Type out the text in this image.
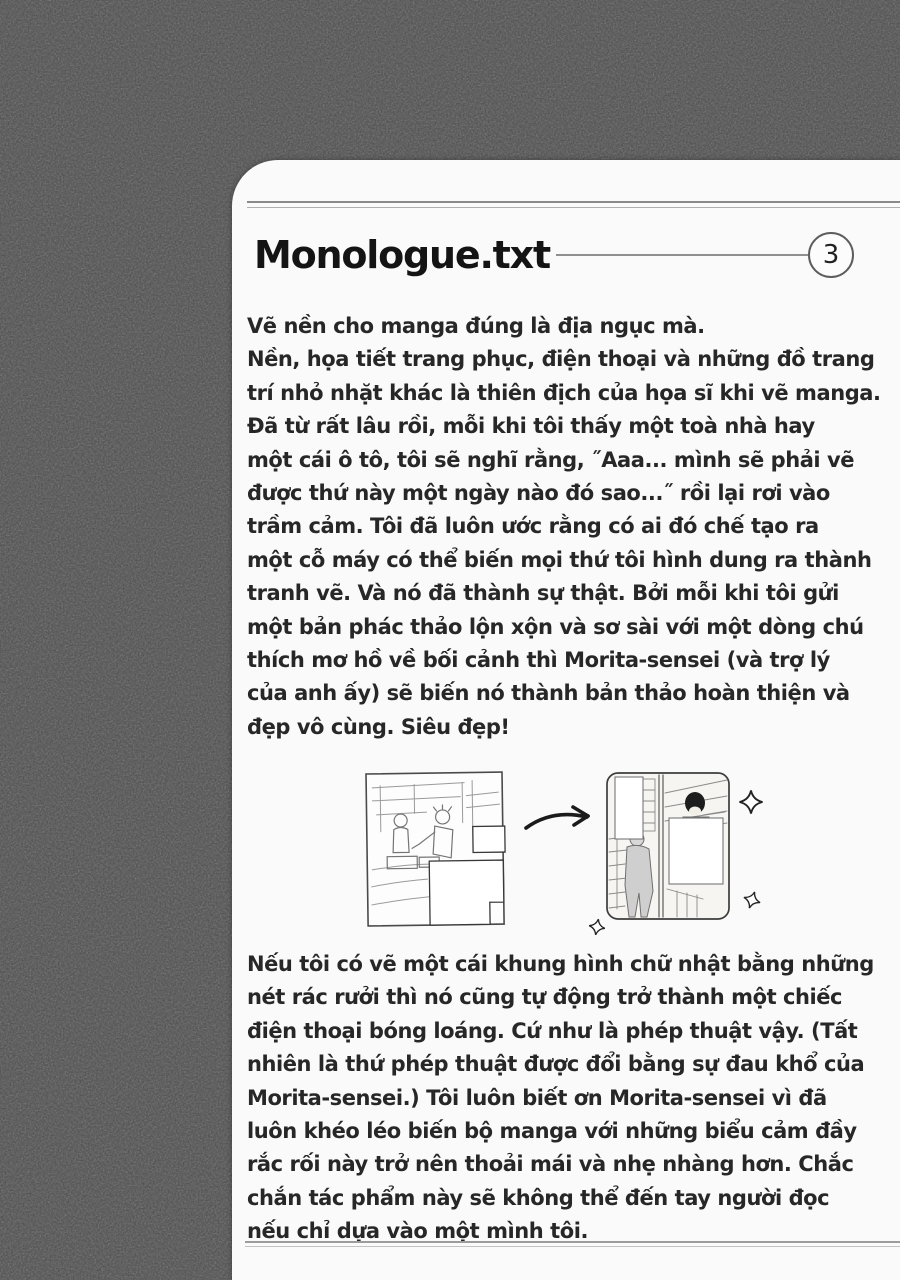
Monologue.txt	3
Vẽ nền cho manga đúng là địa ngục mà.
Nền, họa tiết trang phục, điện thoại và những đồ trang
trí nhỏ nhặt khác là thiên địch của họa sĩ khi vẽ manga.
Đã từ rất lâu rồi, mỗi khi tôi thấy một toà nhà hay
một cái ô tô, tôi sẽ nghĩ rằng, ˝Aaa... mình sẽ phải vẽ
được thứ này một ngày nào đó sao...˝ rồi lại rơi vào
trầm cảm. Tôi đã luôn ước rằng có ai đó chế tạo ra
một cỗ máy có thể biến mọi thứ tôi hình dung ra thành
tranh vẽ. Và nó đã thành sự thật. Bởi mỗi khi tôi gửi
một bản phác thảo lộn xộn và sơ sài với một dòng chú
thích mơ hồ về bối cảnh thì Morita-sensei (và trợ lý
của anh ấy) sẽ biến nó thành bản thảo hoàn thiện và
đẹp vô cùng. Siêu đẹp!
Nếu tôi có vẽ một cái khung hình chữ nhật bằng những
nét rác rưởi thì nó cũng tự động trở thành một chiếc
điện thoại bóng loáng. Cứ như là phép thuật vậy. (Tất
nhiên là thứ phép thuật được đổi bằng sự đau khổ của
Morita-sensei.) Tôi luôn biết ơn Morita-sensei vì đã
luôn khéo léo biến bộ manga với những biểu cảm đầy
rắc rối này trở nên thoải mái và nhẹ nhàng hơn. Chắc
chắn tác phẩm này sẽ không thể đến tay người đọc
nếu chỉ dựa vào một mình tôi.
